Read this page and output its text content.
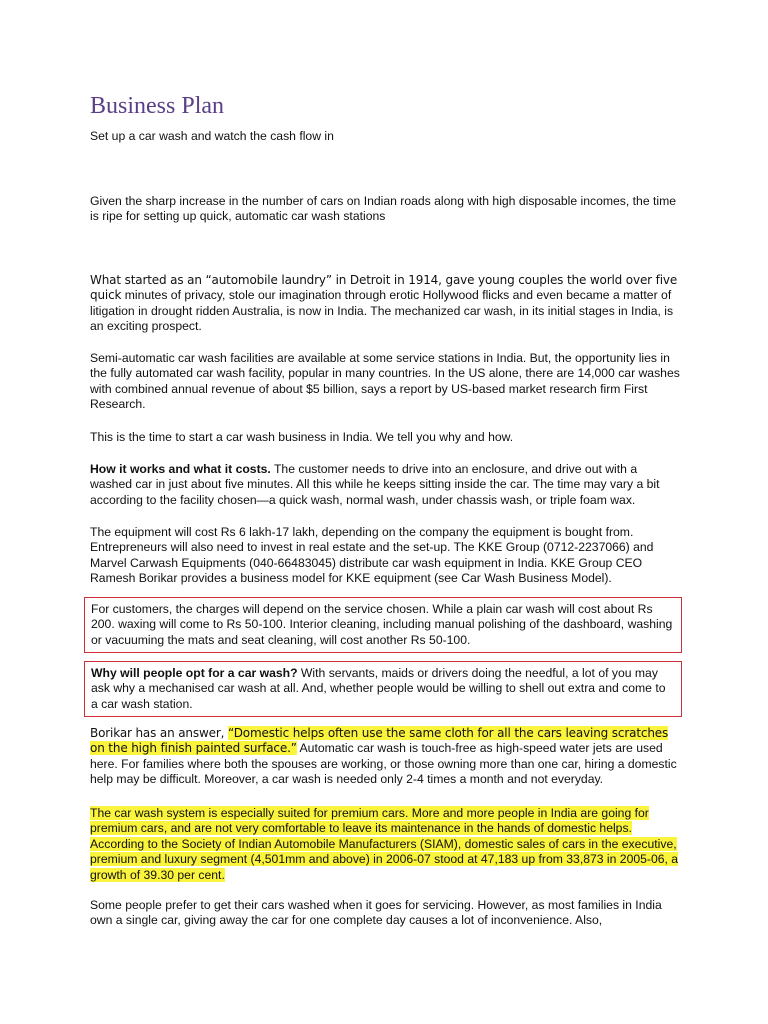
Business Plan

Set up a car wash and watch the cash flow in

Given the sharp increase in the number of cars on Indian roads along with high disposable incomes, the time is ripe for setting up quick, automatic car wash stations

What started as an “automobile laundry” in Detroit in 1914, gave young couples the world over five quick minutes of privacy, stole our imagination through erotic Hollywood flicks and even became a matter of litigation in drought ridden Australia, is now in India. The mechanized car wash, in its initial stages in India, is an exciting prospect.

Semi-automatic car wash facilities are available at some service stations in India. But, the opportunity lies in the fully automated car wash facility, popular in many countries. In the US alone, there are 14,000 car washes with combined annual revenue of about $5 billion, says a report by US-based market research firm First Research.

This is the time to start a car wash business in India. We tell you why and how.

How it works and what it costs. The customer needs to drive into an enclosure, and drive out with a washed car in just about five minutes. All this while he keeps sitting inside the car. The time may vary a bit according to the facility chosen—a quick wash, normal wash, under chassis wash, or triple foam wax.

The equipment will cost Rs 6 lakh-17 lakh, depending on the company the equipment is bought from. Entrepreneurs will also need to invest in real estate and the set-up. The KKE Group (0712-2237066) and Marvel Carwash Equipments (040-66483045) distribute car wash equipment in India. KKE Group CEO Ramesh Borikar provides a business model for KKE equipment (see Car Wash Business Model).

For customers, the charges will depend on the service chosen. While a plain car wash will cost about Rs 200. waxing will come to Rs 50-100. Interior cleaning, including manual polishing of the dashboard, washing or vacuuming the mats and seat cleaning, will cost another Rs 50-100.
Why will people opt for a car wash? With servants, maids or drivers doing the needful, a lot of you may ask why a mechanised car wash at all. And, whether people would be willing to shell out extra and come to a car wash station.

Borikar has an answer, “Domestic helps often use the same cloth for all the cars leaving scratches on the high finish painted surface.” Automatic car wash is touch-free as high-speed water jets are used here. For families where both the spouses are working, or those owning more than one car, hiring a domestic help may be difficult. Moreover, a car wash is needed only 2-4 times a month and not everyday.

The car wash system is especially suited for premium cars. More and more people in India are going for premium cars, and are not very comfortable to leave its maintenance in the hands of domestic helps. According to the Society of Indian Automobile Manufacturers (SIAM), domestic sales of cars in the executive, premium and luxury segment (4,501mm and above) in 2006-07 stood at 47,183 up from 33,873 in 2005-06, a growth of 39.30 per cent.

Some people prefer to get their cars washed when it goes for servicing. However, as most families in India own a single car, giving away the car for one complete day causes a lot of inconvenience. Also,
